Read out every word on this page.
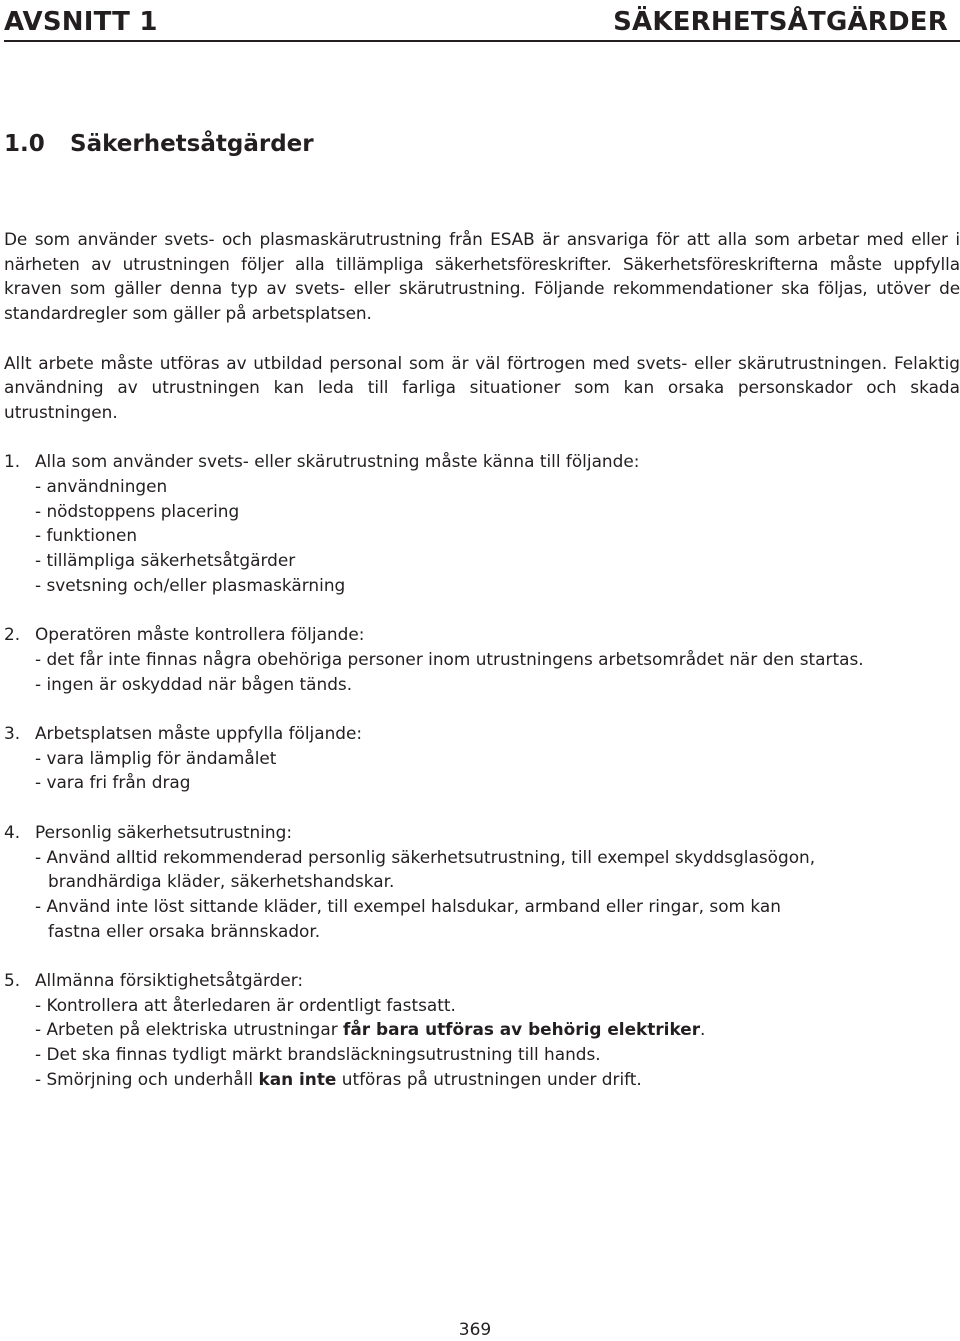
AVSNITT 1	SÄKERHETSÅTGÄRDER
1.0 Säkerhetsåtgärder

De som använder svets- och plasmaskärutrustning från ESAB är ansvariga för att alla som arbetar med eller i närheten av utrustningen följer alla tillämpliga säkerhetsföreskrifter. Säkerhetsföreskrifterna måste uppfylla kraven som gäller denna typ av svets- eller skärutrustning. Följande rekommendationer ska följas, utöver de standardregler som gäller på arbetsplatsen.

Allt arbete måste utföras av utbildad personal som är väl förtrogen med svets- eller skärutrustningen. Felaktig användning av utrustningen kan leda till farliga situationer som kan orsaka personskador och skada utrustningen.

1. Alla som använder svets- eller skärutrustning måste känna till följande:
- användningen
- nödstoppens placering
- funktionen
- tillämpliga säkerhetsåtgärder
- svetsning och/eller plasmaskärning
2. Operatören måste kontrollera följande:
- det får inte finnas några obehöriga personer inom utrustningens arbetsområdet när den startas.
- ingen är oskyddad när bågen tänds.
3. Arbetsplatsen måste uppfylla följande:
- vara lämplig för ändamålet
- vara fri från drag
4. Personlig säkerhetsutrustning:
- Använd alltid rekommenderad personlig säkerhetsutrustning, till exempel skyddsglasögon,
brandhärdiga kläder, säkerhetshandskar.
- Använd inte löst sittande kläder, till exempel halsdukar, armband eller ringar, som kan
fastna eller orsaka brännskador.
5. Allmänna försiktighetsåtgärder:
- Kontrollera att återledaren är ordentligt fastsatt.
- Arbeten på elektriska utrustningar får bara utföras av behörig elektriker.
- Det ska finnas tydligt märkt brandsläckningsutrustning till hands.
- Smörjning och underhåll kan inte utföras på utrustningen under drift.
369
